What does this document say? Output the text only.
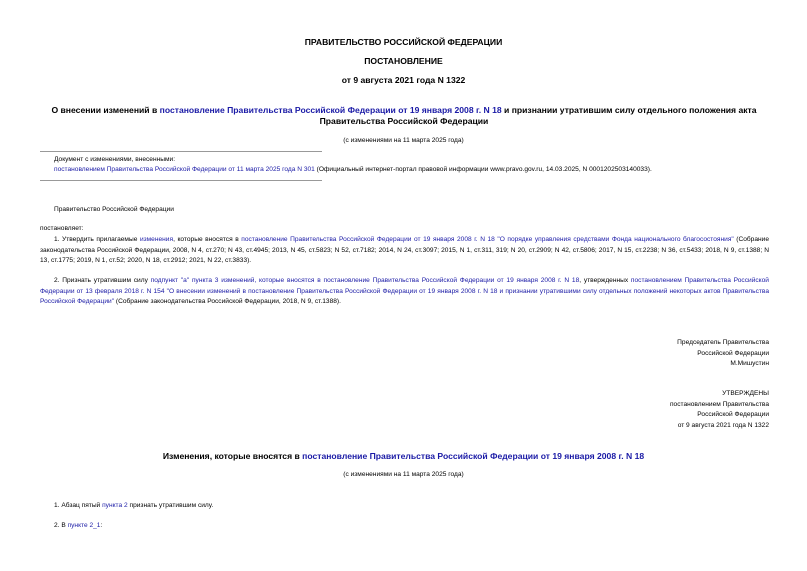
ПРАВИТЕЛЬСТВО РОССИЙСКОЙ ФЕДЕРАЦИИ
ПОСТАНОВЛЕНИЕ
от 9 августа 2021 года N 1322
О внесении изменений в постановление Правительства Российской Федерации от 19 января 2008 г. N 18 и признании утратившим силу отдельного положения акта Правительства Российской Федерации
(с изменениями на 11 марта 2025 года)
Документ с изменениями, внесенными:
постановлением Правительства Российской Федерации от 11 марта 2025 года N 301 (Официальный интернет-портал правовой информации www.pravo.gov.ru, 14.03.2025, N 0001202503140033).
Правительство Российской Федерации
постановляет:
1. Утвердить прилагаемые изменения, которые вносятся в постановление Правительства Российской Федерации от 19 января 2008 г. N 18 "О порядке управления средствами Фонда национального благосостояния" (Собрание законодательства Российской Федерации, 2008, N 4, ст.270; N 43, ст.4945; 2013, N 45, ст.5823; N 52, ст.7182; 2014, N 24, ст.3097; 2015, N 1, ст.311, 319; N 20, ст.2909; N 42, ст.5806; 2017, N 15, ст.2238; N 36, ст.5433; 2018, N 9, ст.1388; N 13, ст.1775; 2019, N 1, ст.52; 2020, N 18, ст.2912; 2021, N 22, ст.3833).
2. Признать утратившим силу подпункт "а" пункта 3 изменений, которые вносятся в постановление Правительства Российской Федерации от 19 января 2008 г. N 18, утвержденных постановлением Правительства Российской Федерации от 13 февраля 2018 г. N 154 "О внесении изменений в постановление Правительства Российской Федерации от 19 января 2008 г. N 18 и признании утратившими силу отдельных положений некоторых актов Правительства Российской Федерации" (Собрание законодательства Российской Федерации, 2018, N 9, ст.1388).
Председатель Правительства
Российской Федерации
М.Мишустин
УТВЕРЖДЕНЫ
постановлением Правительства
Российской Федерации
от 9 августа 2021 года N 1322
Изменения, которые вносятся в постановление Правительства Российской Федерации от 19 января 2008 г. N 18
(с изменениями на 11 марта 2025 года)
1. Абзац пятый пункта 2 признать утратившим силу.
2. В пункте 2_1:
